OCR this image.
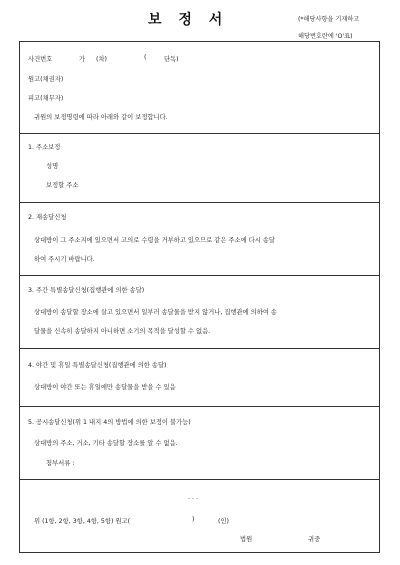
보 정 서	(*해당사항을 기재하고
해당번호란에 'O'표)
사건번호	가 (차)	(	단독)
원고(채권자)
피고(채무자)
귀원의 보정명령에 따라 아래와 같이 보정합니다.
1. 주소보정
성명
보정할 주소
2. 재송달신청
상대방이 그 주소지에 있으면서 고의로 수령을 거부하고 있으므로 같은 주소에 다시 송달
하여 주시기 바랍니다.
3. 주간 특별송달신청(집행관에 의한 송달)
상대방이 송달할 장소에 살고 있으면서 일부러 송달물을 받지 않거나, 집행관에 의하여 송
달물을 신속히 송달하지 아니하면 소기의 목적을 달성할 수 없음.
4. 야간 및 휴일 특별송달신청(집행관에 의한 송달)
상대방이 야간 또는 휴일에만 송달물을 받을 수 있음
5. 공시송달신청(위 1 내지 4의 방법에 의한 보정이 불가능)
상대방의 주소, 거소, 기타 송달할 장소를 알 수 없음.
첨부서류 :
. . .
위 (1항, 2항, 3항, 4항, 5항) 원고(	)	(인)
법원	귀중
